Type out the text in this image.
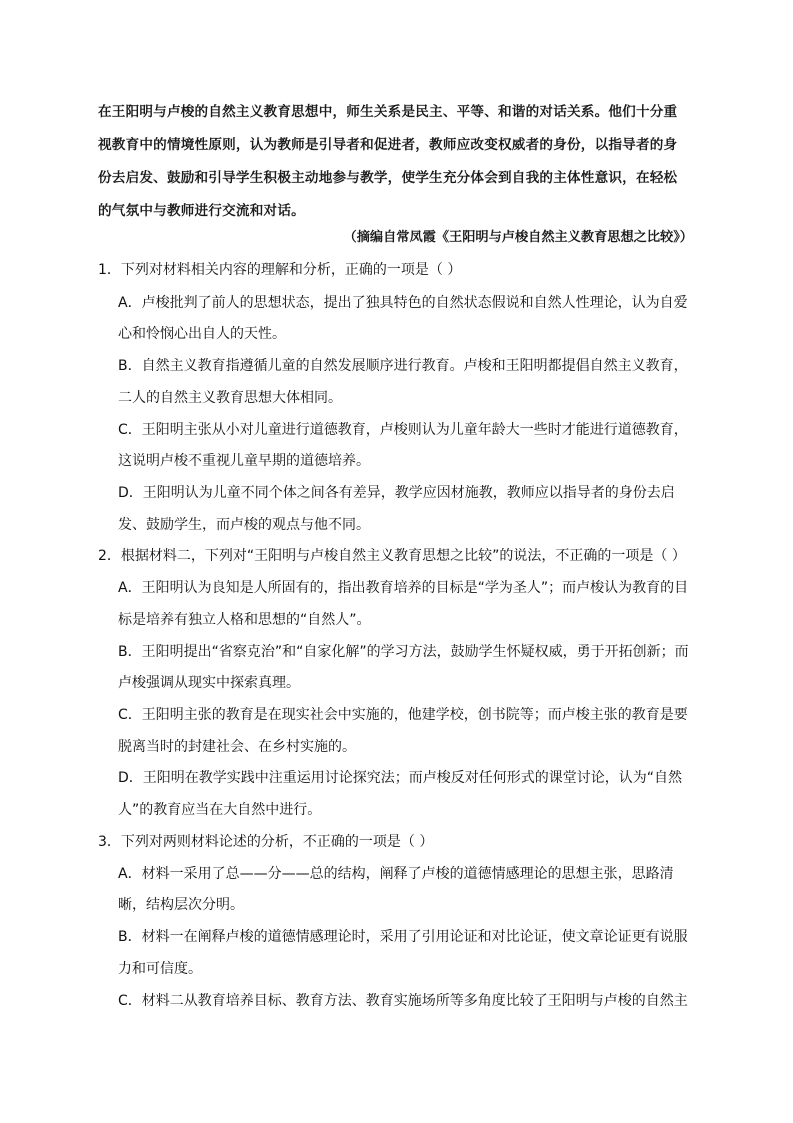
在王阳明与卢梭的自然主义教育思想中，师生关系是民主、平等、和谐的对话关系。他们十分重
视教育中的情境性原则，认为教师是引导者和促进者，教师应改变权威者的身份，以指导者的身
份去启发、鼓励和引导学生积极主动地参与教学，使学生充分体会到自我的主体性意识，在轻松
的气氛中与教师进行交流和对话。
（摘编自常凤霞《王阳明与卢梭自然主义教育思想之比较》）
1．下列对材料相关内容的理解和分析，正确的一项是（ ）
A．卢梭批判了前人的思想状态，提出了独具特色的自然状态假说和自然人性理论，认为自爱
心和怜悯心出自人的天性。
B．自然主义教育指遵循儿童的自然发展顺序进行教育。卢梭和王阳明都提倡自然主义教育，
二人的自然主义教育思想大体相同。
C．王阳明主张从小对儿童进行道德教育，卢梭则认为儿童年龄大一些时才能进行道德教育，
这说明卢梭不重视儿童早期的道德培养。
D．王阳明认为儿童不同个体之间各有差异，教学应因材施教，教师应以指导者的身份去启
发、鼓励学生，而卢梭的观点与他不同。
2．根据材料二，下列对“王阳明与卢梭自然主义教育思想之比较”的说法，不正确的一项是（ ）
A．王阳明认为良知是人所固有的，指出教育培养的目标是“学为圣人”；而卢梭认为教育的目
标是培养有独立人格和思想的“自然人”。
B．王阳明提出“省察克治”和“自家化解”的学习方法，鼓励学生怀疑权威，勇于开拓创新；而
卢梭强调从现实中探索真理。
C．王阳明主张的教育是在现实社会中实施的，他建学校，创书院等；而卢梭主张的教育是要
脱离当时的封建社会、在乡村实施的。
D．王阳明在教学实践中注重运用讨论探究法；而卢梭反对任何形式的课堂讨论，认为“自然
人”的教育应当在大自然中进行。
3．下列对两则材料论述的分析，不正确的一项是（ ）
A．材料一采用了总——分——总的结构，阐释了卢梭的道德情感理论的思想主张，思路清
晰，结构层次分明。
B．材料一在阐释卢梭的道德情感理论时，采用了引用论证和对比论证，使文章论证更有说服
力和可信度。
C．材料二从教育培养目标、教育方法、教育实施场所等多角度比较了王阳明与卢梭的自然主
